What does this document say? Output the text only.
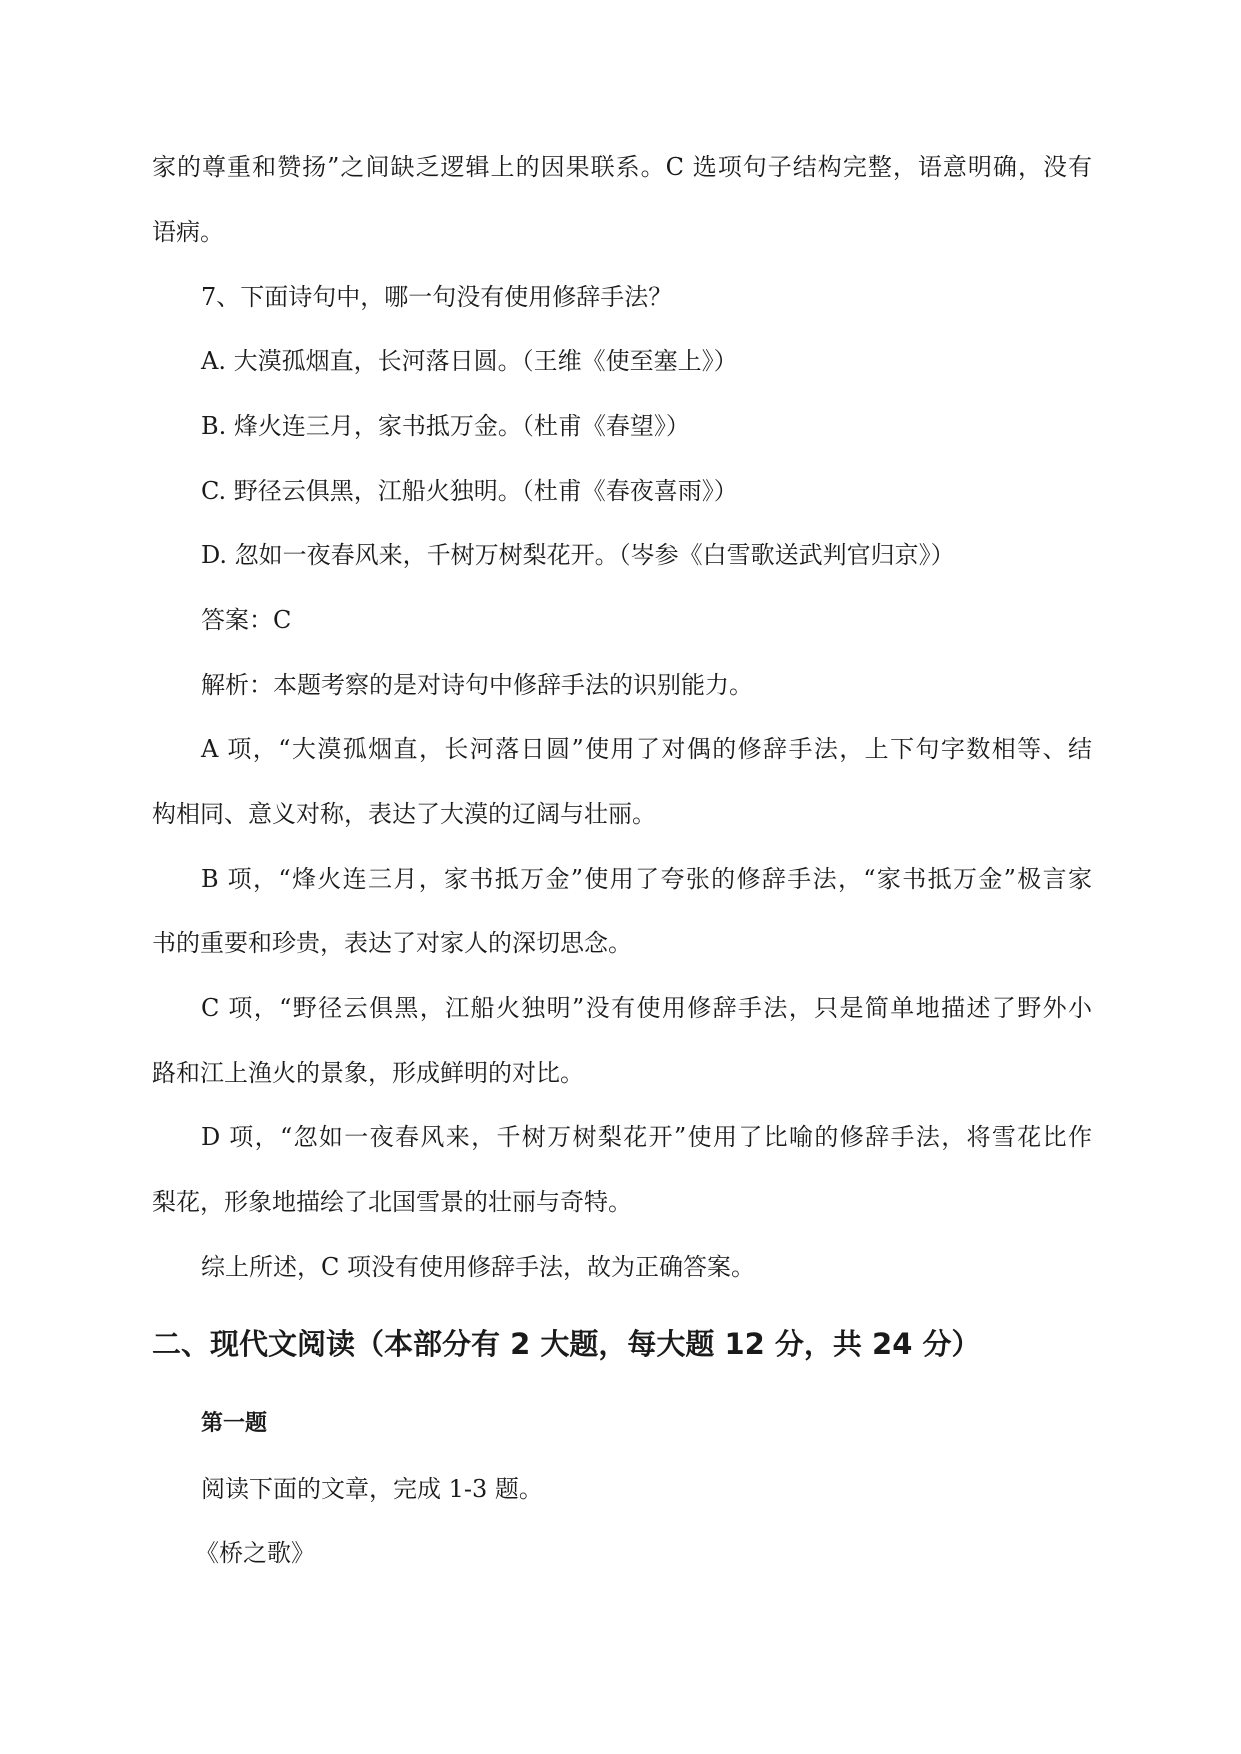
家的尊重和赞扬”之间缺乏逻辑上的因果联系。C 选项句子结构完整，语意明确，没有
语病。
7、下面诗句中，哪一句没有使用修辞手法？
A. 大漠孤烟直，长河落日圆。（王维《使至塞上》）
B. 烽火连三月，家书抵万金。（杜甫《春望》）
C. 野径云俱黑，江船火独明。（杜甫《春夜喜雨》）
D. 忽如一夜春风来，千树万树梨花开。（岑参《白雪歌送武判官归京》）
答案：C
解析：本题考察的是对诗句中修辞手法的识别能力。
A 项，“大漠孤烟直，长河落日圆”使用了对偶的修辞手法，上下句字数相等、结
构相同、意义对称，表达了大漠的辽阔与壮丽。
B 项，“烽火连三月，家书抵万金”使用了夸张的修辞手法，“家书抵万金”极言家
书的重要和珍贵，表达了对家人的深切思念。
C 项，“野径云俱黑，江船火独明”没有使用修辞手法，只是简单地描述了野外小
路和江上渔火的景象，形成鲜明的对比。
D 项，“忽如一夜春风来，千树万树梨花开”使用了比喻的修辞手法，将雪花比作
梨花，形象地描绘了北国雪景的壮丽与奇特。
综上所述，C 项没有使用修辞手法，故为正确答案。
二、现代文阅读（本部分有 2 大题，每大题 12 分，共 24 分）
第一题
阅读下面的文章，完成 1-3 题。
《桥之歌》
